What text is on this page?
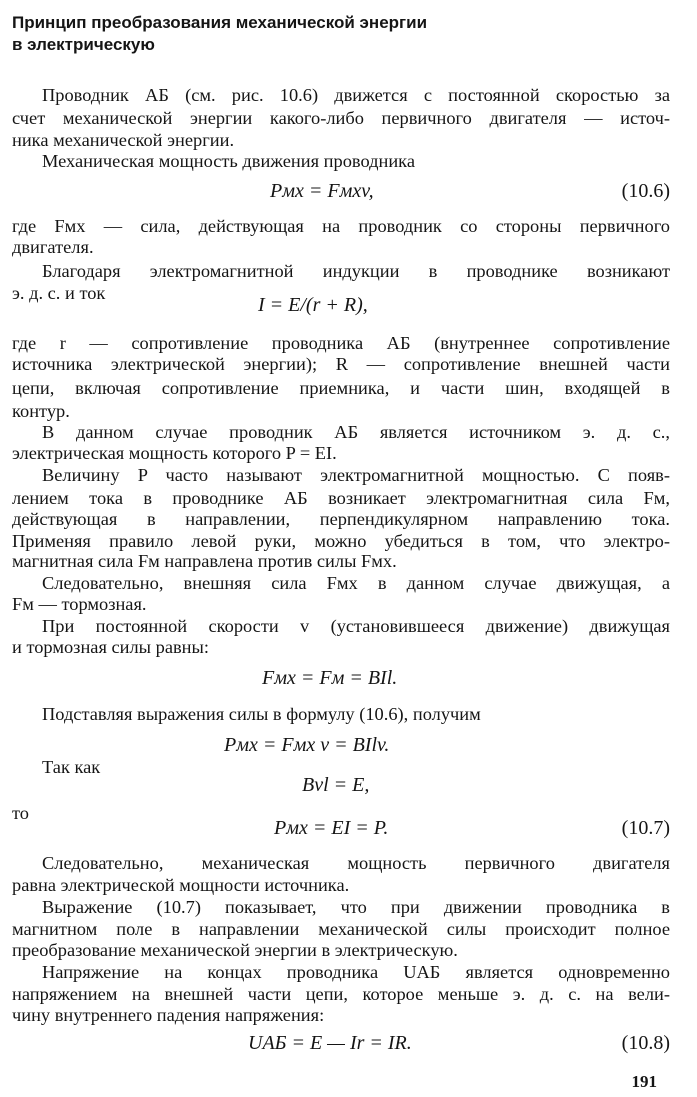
Принцип преобразования механической энергии
в электрическую

Проводник АБ (см. рис. 10.6) движется с постоянной скоростью за

счет механической энергии какого-либо первичного двигателя — источ-

ника механической энергии.

Механическая мощность движения проводника

Pмх = Fмхv,	(10.6)

где Fмх — сила, действующая на проводник со стороны первичного

двигателя.

Благодаря электромагнитной индукции в проводнике возникают

э. д. с. и ток

I = E/(r + R),

где r — сопротивление проводника АБ (внутреннее сопротивление

источника электрической энергии); R — сопротивление внешней части

цепи, включая сопротивление приемника, и части шин, входящей в

контур.

В данном случае проводник АБ является источником э. д. с.,

электрическая мощность которого P = EI.

Величину P часто называют электромагнитной мощностью. С появ-

лением тока в проводнике АБ возникает электромагнитная сила Fм,

действующая в направлении, перпендикулярном направлению тока.

Применяя правило левой руки, можно убедиться в том, что электро-

магнитная сила Fм направлена против силы Fмх.

Следовательно, внешняя сила Fмх в данном случае движущая, а

Fм — тормозная.

При постоянной скорости v (установившееся движение) движущая

и тормозная силы равны:

Fмх = Fм = BIl.

Подставляя выражения силы в формулу (10.6), получим

Pмх = Fмх v = BIlv.

Так как

Bvl = E,

то

Pмх = EI = P.	(10.7)

Следовательно, механическая мощность первичного двигателя

равна электрической мощности источника.

Выражение (10.7) показывает, что при движении проводника в

магнитном поле в направлении механической силы происходит полное

преобразование механической энергии в электрическую.

Напряжение на концах проводника UАБ является одновременно

напряжением на внешней части цепи, которое меньше э. д. с. на вели-

чину внутреннего падения напряжения:

UАБ = E — Ir = IR.	(10.8)
191
